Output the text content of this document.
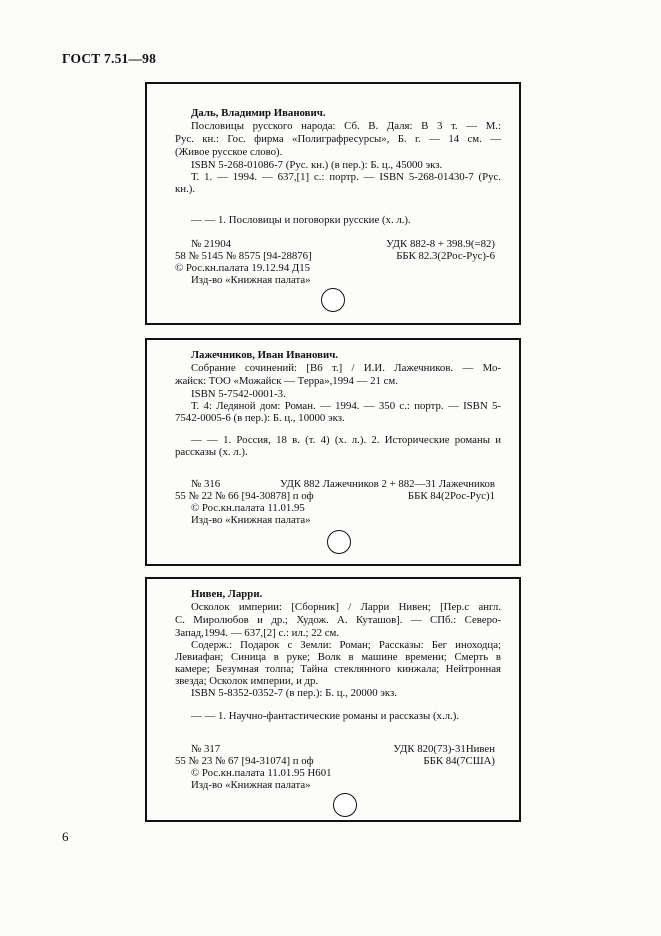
ГОСТ 7.51—98
Даль, Владимир Иванович.
Пословицы русского народа: Сб. В. Даля: В 3 т. — М.:
Рус. кн.: Гос. фирма «Полиграфресурсы», Б. г. — 14 см. —
(Живое русское слово).
ISBN 5-268-01086-7 (Рус. кн.) (в пер.): Б. ц., 45000 экз.
Т. 1. — 1994. — 637,[1] с.: портр. — ISBN 5-268-01430-7 (Рус.
кн.).
— — 1. Пословицы и поговорки русские (х. л.).
№ 21904	УДК 882-8 + 398.9(=82)
58 № 5145 № 8575 [94-28876]	ББК 82.3(2Рос-Рус)-6
© Рос.кн.палата 19.12.94 Д15
Изд-во «Книжная палата»
Лажечников, Иван Иванович.
Собрание сочинений: [В6 т.] / И.И. Лажечников. — Мо-
жайск: ТОО «Можайск — Терра»,1994 — 21 см.
ISBN 5-7542-0001-3.
Т. 4: Ледяной дом: Роман. — 1994. — 350 с.: портр. — ISBN 5-
7542-0005-6 (в пер.): Б. ц., 10000 экз.
— — 1. Россия, 18 в. (т. 4) (х. л.). 2. Исторические романы и
рассказы (х. л.).
№ 316	УДК 882 Лажечников 2 + 882—31 Лажечников
55 № 22 № 66 [94-30878] п оф	ББК 84(2Рос-Рус)1
© Рос.кн.палата 11.01.95
Изд-во «Книжная палата»
Нивен, Ларри.
Осколок империи: [Сборник] / Ларри Нивен; [Пер.с англ.
С. Миролюбов и др.; Худож. А. Куташов]. — СПб.: Северо-
Запад,1994. — 637,[2] с.: ил.; 22 см.
Содерж.: Подарок с Земли: Роман; Рассказы: Бег иноходца;
Левиафан; Синица в руке; Волк в машине времени; Смерть в
камере; Безумная толпа; Тайна стеклянного кинжала; Нейтронная
звезда; Осколок империи, и др.
ISBN 5-8352-0352-7 (в пер.): Б. ц., 20000 экз.
— — 1. Научно-фантастические романы и рассказы (х.л.).
№ 317	УДК 820(73)-31Нивен
55 № 23 № 67 [94-31074] п оф	ББК 84(7США)
© Рос.кн.палата 11.01.95 Н601
Изд-во «Книжная палата»
6
